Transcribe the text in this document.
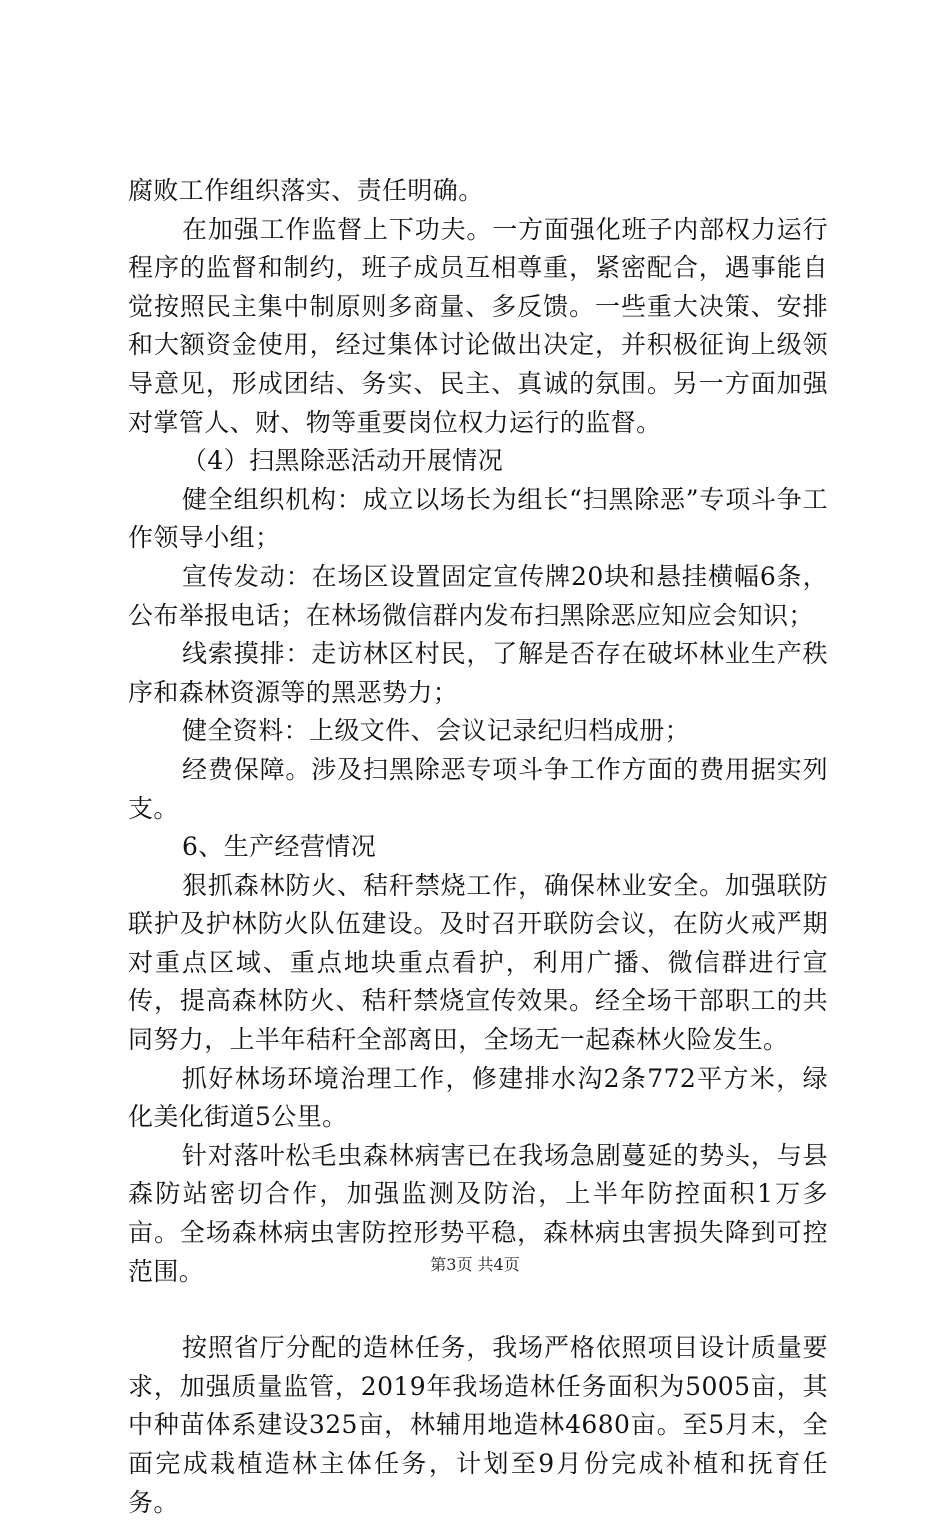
腐败工作组织落实、责任明确。

在加强工作监督上下功夫。一方面强化班子内部权力运行程序的监督和制约，班子成员互相尊重，紧密配合，遇事能自觉按照民主集中制原则多商量、多反馈。一些重大决策、安排和大额资金使用，经过集体讨论做出决定，并积极征询上级领导意见，形成团结、务实、民主、真诚的氛围。另一方面加强对掌管人、财、物等重要岗位权力运行的监督。

（4）扫黑除恶活动开展情况

健全组织机构：成立以场长为组长“扫黑除恶”专项斗争工作领导小组；

宣传发动：在场区设置固定宣传牌20块和悬挂横幅6条，公布举报电话；在林场微信群内发布扫黑除恶应知应会知识；

线索摸排：走访林区村民，了解是否存在破坏林业生产秩序和森林资源等的黑恶势力；

健全资料：上级文件、会议记录纪归档成册；

经费保障。涉及扫黑除恶专项斗争工作方面的费用据实列支。

6、生产经营情况

狠抓森林防火、秸秆禁烧工作，确保林业安全。加强联防联护及护林防火队伍建设。及时召开联防会议，在防火戒严期对重点区域、重点地块重点看护，利用广播、微信群进行宣传，提高森林防火、秸秆禁烧宣传效果。经全场干部职工的共同努力，上半年秸秆全部离田，全场无一起森林火险发生。

抓好林场环境治理工作，修建排水沟2条772平方米，绿化美化街道5公里。

针对落叶松毛虫森林病害已在我场急剧蔓延的势头，与县森防站密切合作，加强监测及防治，上半年防控面积1万多亩。全场森林病虫害防控形势平稳，森林病虫害损失降到可控范围。

按照省厅分配的造林任务，我场严格依照项目设计质量要求，加强质量监管，2019年我场造林任务面积为5005亩，其中种苗体系建设325亩，林辅用地造林4680亩。至5月末，全面完成栽植造林主体任务，计划至9月份完成补植和抚育任务。

第3页 共4页
